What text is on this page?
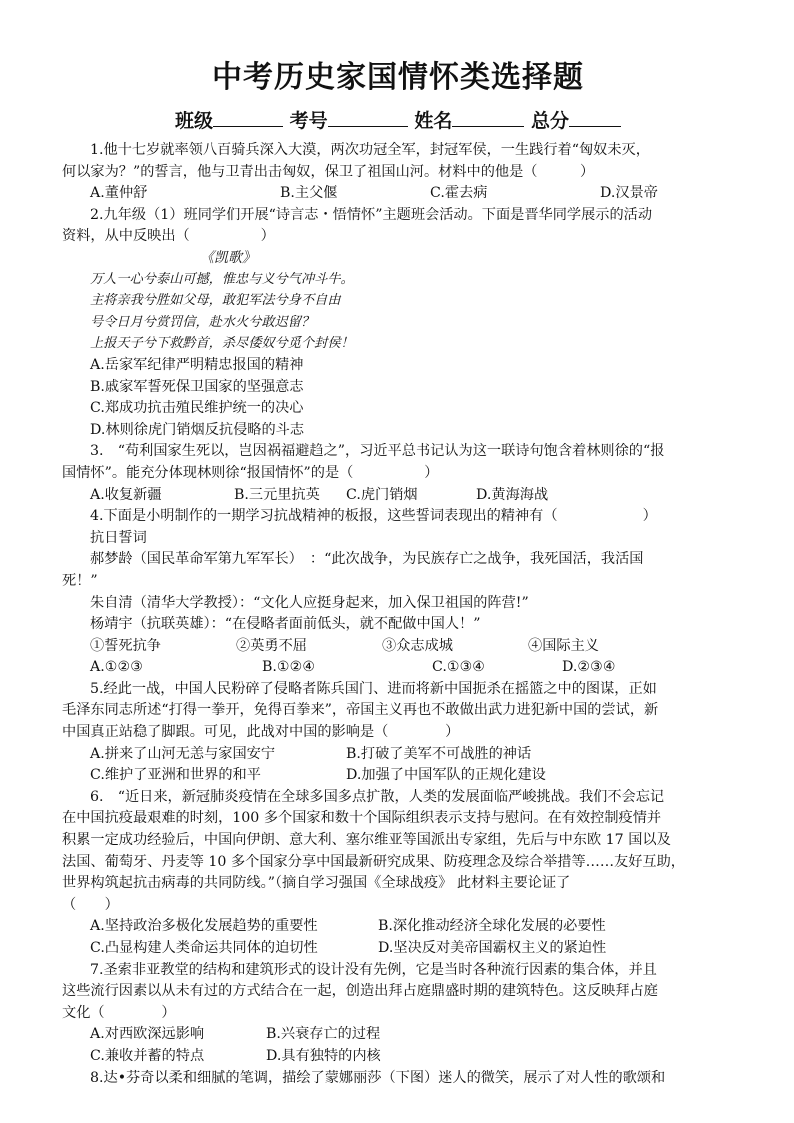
中考历史家国情怀类选择题
班级	考号	姓名	总分
1.他十七岁就率领八百骑兵深入大漠，两次功冠全军，封冠军侯，一生践行着“匈奴未灭，
何以家为？”的誓言，他与卫青出击匈奴，保卫了祖国山河。材料中的他是（　　　）
A.董仲舒	B.主父偃	C.霍去病	D.汉景帝
2.九年级（1）班同学们开展“诗言志・悟情怀”主题班会活动。下面是晋华同学展示的活动
资料，从中反映出（　　　　　）
《凯歌》
万人一心兮泰山可撼，惟忠与义兮气冲斗牛。
主将亲我兮胜如父母，敢犯军法兮身不自由
号令日月兮赏罚信，赴水火兮敢迟留？
上报天子兮下救黔首，杀尽倭奴兮觅个封侯！
A.岳家军纪律严明精忠报国的精神
B.戚家军誓死保卫国家的坚强意志
C.郑成功抗击殖民维护统一的决心
D.林则徐虎门销烟反抗侵略的斗志
3.　“苟利国家生死以，岂因祸福避趋之”，习近平总书记认为这一联诗句饱含着林则徐的“报
国情怀”。能充分体现林则徐“报国情怀”的是（　　　　　）
A.收复新疆	B.三元里抗英	C.虎门销烟	D.黄海海战
4.下面是小明制作的一期学习抗战精神的板报，这些誓词表现出的精神有（　　　　　　）
抗日誓词
郝梦龄（国民革命军第九军军长）　：“此次战争，为民族存亡之战争，我死国活，我活国
死！”
朱自清（清华大学教授）：“文化人应挺身起来，加入保卫祖国的阵营!”
杨靖宇（抗联英雄）：“在侵略者面前低头，就不配做中国人！”
①誓死抗争	②英勇不屈	③众志成城	④国际主义
A.①②③	B.①②④	C.①③④	D.②③④
5.经此一战，中国人民粉碎了侵略者陈兵国门、进而将新中国扼杀在摇篮之中的图谋，正如
毛泽东同志所述“打得一拳开，免得百拳来”，帝国主义再也不敢做出武力进犯新中国的尝试，新
中国真正站稳了脚跟。可见，此战对中国的影响是（　　　　）
A.拼来了山河无恙与家国安宁	B.打破了美军不可战胜的神话
C.维护了亚洲和世界的和平	D.加强了中国军队的正规化建设
6.　“近日来，新冠肺炎疫情在全球多国多点扩散，人类的发展面临严峻挑战。我们不会忘记
在中国抗疫最艰难的时刻，100 多个国家和数十个国际组织表示支持与慰问。在有效控制疫情并
积累一定成功经验后，中国向伊朗、意大利、塞尔维亚等国派出专家组，先后与中东欧 17 国以及
法国、葡萄牙、丹麦等 10 多个国家分享中国最新研究成果、防疫理念及综合举措等……友好互助，
世界构筑起抗击病毒的共同防线。”（摘自学习强国《全球战疫》 此材料主要论证了
（　　）
A.坚持政治多极化发展趋势的重要性	B.深化推动经济全球化发展的必要性
C.凸显构建人类命运共同体的迫切性	D.坚决反对美帝国霸权主义的紧迫性
7.圣索非亚教堂的结构和建筑形式的设计没有先例，它是当时各种流行因素的集合体，并且
这些流行因素以从未有过的方式结合在一起，创造出拜占庭鼎盛时期的建筑特色。这反映拜占庭
文化（　　　　）
A.对西欧深远影响	B.兴衰存亡的过程
C.兼收并蓄的特点	D.具有独特的内核
8.达•芬奇以柔和细腻的笔调，描绘了蒙娜丽莎（下图）迷人的微笑，展示了对人性的歌颂和
